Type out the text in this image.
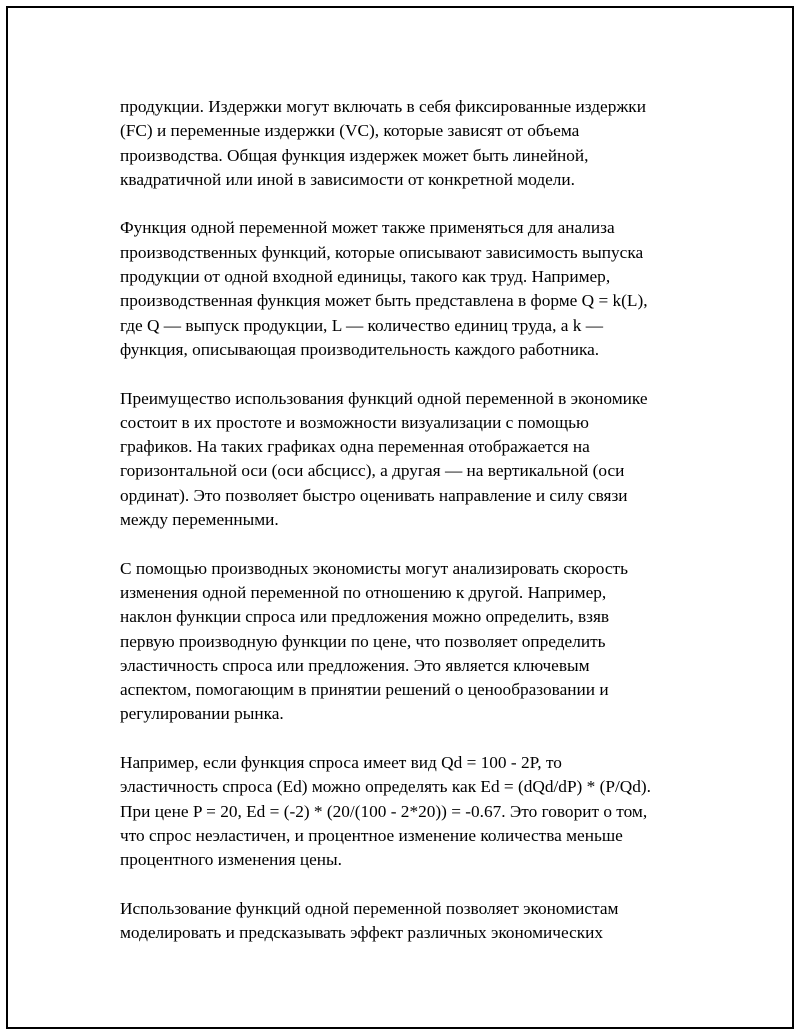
продукции. Издержки могут включать в себя фиксированные издержки
(FC) и переменные издержки (VC), которые зависят от объема
производства. Общая функция издержек может быть линейной,
квадратичной или иной в зависимости от конкретной модели.

Функция одной переменной может также применяться для анализа
производственных функций, которые описывают зависимость выпуска
продукции от одной входной единицы, такого как труд. Например,
производственная функция может быть представлена в форме Q = k(L),
где Q — выпуск продукции, L — количество единиц труда, а k —
функция, описывающая производительность каждого работника.

Преимущество использования функций одной переменной в экономике
состоит в их простоте и возможности визуализации с помощью
графиков. На таких графиках одна переменная отображается на
горизонтальной оси (оси абсцисс), а другая — на вертикальной (оси
ординат). Это позволяет быстро оценивать направление и силу связи
между переменными.

С помощью производных экономисты могут анализировать скорость
изменения одной переменной по отношению к другой. Например,
наклон функции спроса или предложения можно определить, взяв
первую производную функции по цене, что позволяет определить
эластичность спроса или предложения. Это является ключевым
аспектом, помогающим в принятии решений о ценообразовании и
регулировании рынка.

Например, если функция спроса имеет вид Qd = 100 - 2P, то
эластичность спроса (Ed) можно определять как Ed = (dQd/dP) * (P/Qd).
При цене P = 20, Ed = (-2) * (20/(100 - 2*20)) = -0.67. Это говорит о том,
что спрос неэластичен, и процентное изменение количества меньше
процентного изменения цены.

Использование функций одной переменной позволяет экономистам
моделировать и предсказывать эффект различных экономических
